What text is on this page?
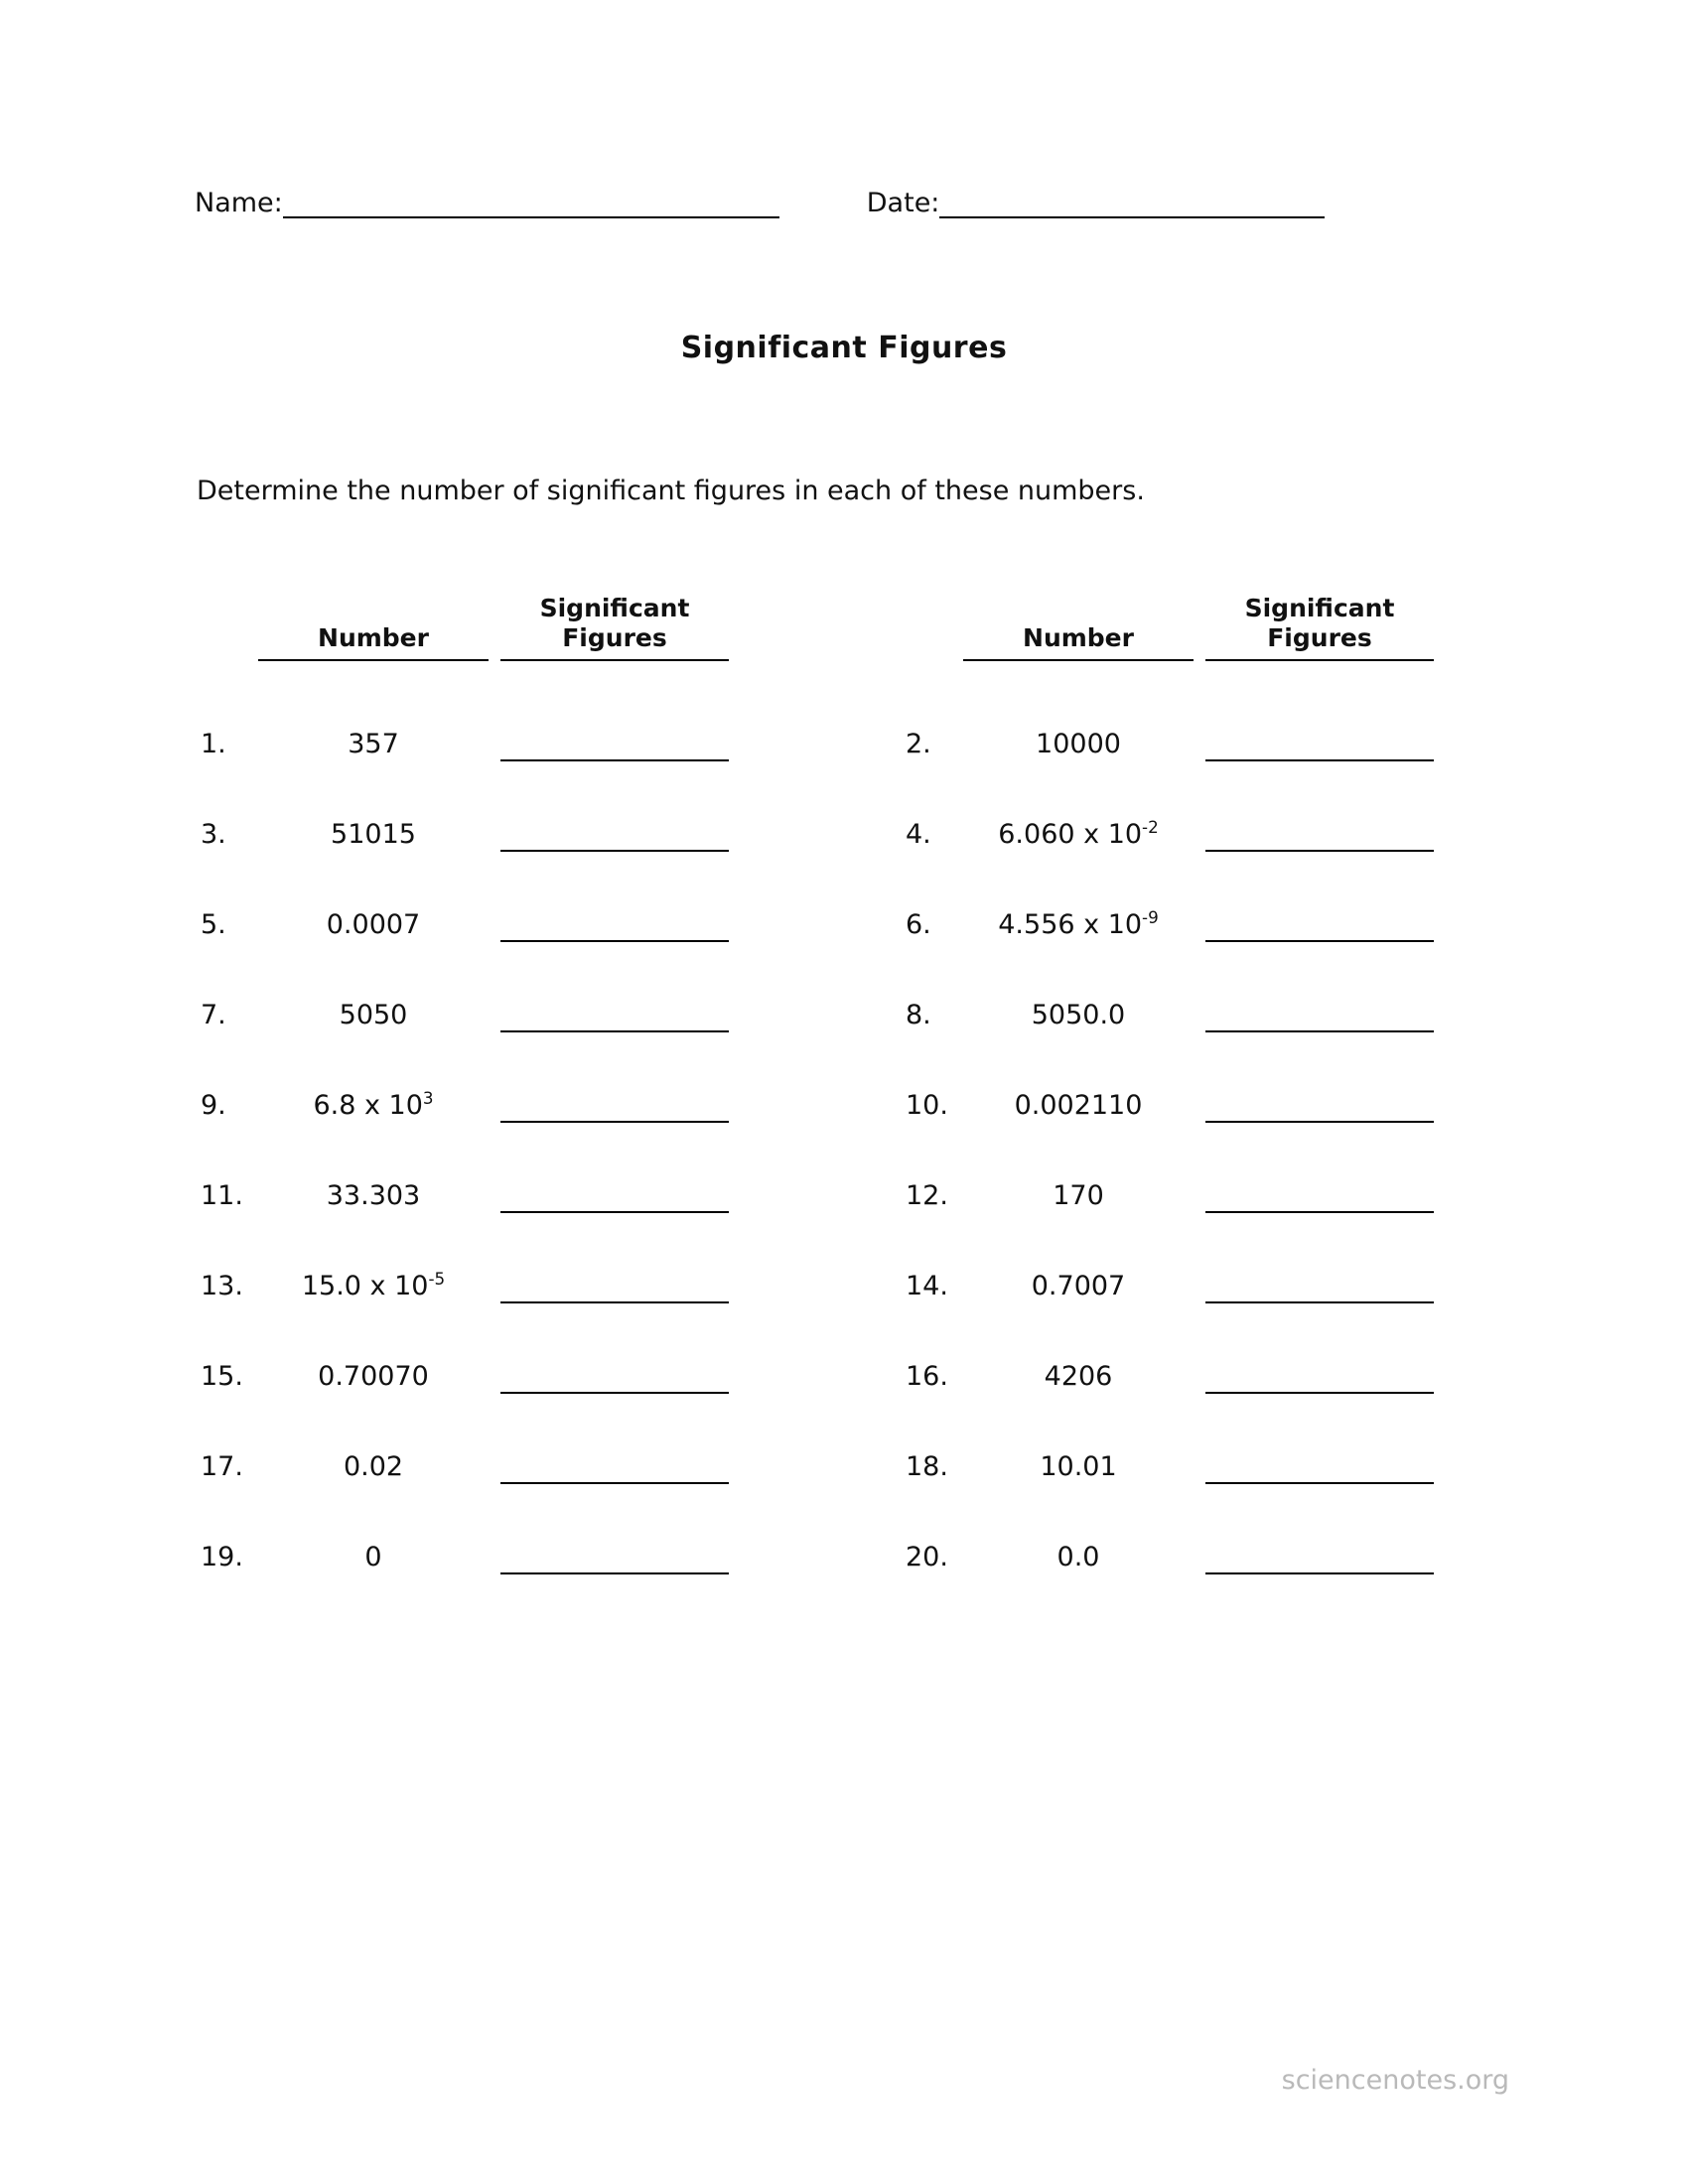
Name:	Date:
Significant Figures
Determine the number of significant figures in each of these numbers.

Number
Significant
Figures
1.	357
3.	51015
5.	0.0007
7.	5050
9.	6.8 x $10^3$
11.	33.303
13.	15.0 x $10^{-5}$
15.	0.70070
17.	0.02
19.	0

Number
Significant
Figures
2.	10000
4.	6.060 x $10^{-2}$
6.	4.556 x $10^{-9}$
8.	5050.0
10.	0.002110
12.	170
14.	0.7007
16.	4206
18.	10.01
20.	0.0
sciencenotes.org
